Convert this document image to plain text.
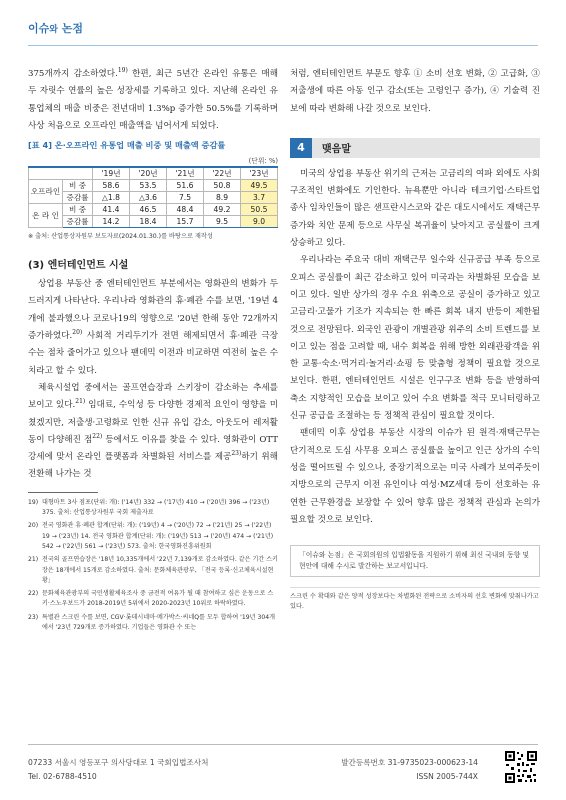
이슈와 논점

375개까지 감소하였다.$^{19)}$ 한편, 최근 5년간 온라인 유통은 매해 두 자릿수 연률의 높은 성장세를 기록하고 있다. 지난해 온라인 유통업체의 매출 비중은 전년대비 1.3%p 증가한 50.5%를 기록하며 사상 처음으로 오프라인 매출액을 넘어서게 되었다.

[표 4] 온·오프라인 유통업 매출 비중 및 매출액 증감률
(단위: %)
		'19년	'20년	'21년	'22년	'23년
오프라인	비 중	58.6	53.5	51.6	50.8	49.5
	증감률	△1.8	△3.6	7.5	8.9	3.7
온 라 인	비 중	41.4	46.5	48.4	49.2	50.5
	증감률	14.2	18.4	15.7	9.5	9.0
※ 출처: 산업통상자원부 보도자료(2024.01.30.)를 바탕으로 재작성
(3) 엔터테인먼트 시설

상업용 부동산 중 엔터테인먼트 부분에서는 영화관의 변화가 두드러지게 나타난다. 우리나라 영화관의 휴·폐관 수를 보면, '19년 4개에 불과했으나 코로나19의 영향으로 '20년 한해 동안 72개까지 증가하였다.$^{20)}$ 사회적 거리두기가 전면 해제되면서 휴·폐관 극장 수는 점차 줄어가고 있으나 팬데믹 이전과 비교하면 여전히 높은 수치라고 할 수 있다.

체육시설업 중에서는 골프연습장과 스키장이 감소하는 추세를 보이고 있다.$^{21)}$ 임대료, 수익성 등 다양한 경제적 요인이 영향을 미쳤겠지만, 저출생·고령화로 인한 신규 유입 감소, 아웃도어 레저활동이 다양해진 점$^{22)}$ 등에서도 이유를 찾을 수 있다. 영화관이 OTT 강세에 맞서 온라인 플랫폼과 차별화된 서비스를 제공$^{23)}$하기 위해 전환해 나가는 것

19) 대형마트 3사 점포(단위: 개): ('14년) 332 → ('17년) 410 → ('20년) 396 → ('23년) 375. 출처: 산업통상자원부 국회 제출자료
20) 전국 영화관 휴·폐관 합계(단위: 개): ('19년) 4 → ('20년) 72 → ('21년) 25 → ('22년) 19 → ('23년) 14. 전국 영화관 합계(단위: 개): ('19년) 513 → ('20년) 474 → ('21년) 542 → ('22년) 561 → ('23년) 573. 출처: 한국영화진흥위원회
21) 전국의 골프연습장은 '18년 10,335개에서 '22년 7,139개로 감소하였다. 같은 기간 스키장은 18개에서 15개로 감소하였다. 출처: 문화체육관광부, 「전국 등록·신고체육시설현황」
22) 문화체육관광부의 국민생활체육조사 중 금전적 여유가 될 때 참여하고 싶은 운동으로 스키·스노우보드가 2018-2019년 5위에서 2020-2023년 10위로 하락하였다.
23) 특별관 스크린 수를 보면, CGV·롯데시네마·메가박스·씨네Q를 모두 합하여 '19년 304개에서 '23년 729개로 증가하였다. 기업들은 영화관 수 또는

처럼, 엔터테인먼트 부문도 향후 ① 소비 선호 변화, ② 고급화, ③ 저출생에 따른 아동 인구 감소(또는 고령인구 증가), ④ 기술력 진보에 따라 변화해 나갈 것으로 보인다.

4	맺음말

미국의 상업용 부동산 위기의 근저는 고금리의 여파 외에도 사회구조적인 변화에도 기인한다. 뉴욕뿐만 아니라 테크기업·스타트업 종사 임차인들이 많은 샌프란시스코와 같은 대도시에서도 재택근무 증가와 치안 문제 등으로 사무실 복귀율이 낮아지고 공실률이 크게 상승하고 있다.

우리나라는 주요국 대비 재택근무 일수와 신규공급 부족 등으로 오피스 공실률이 최근 감소하고 있어 미국과는 차별화된 모습을 보이고 있다. 일반 상가의 경우 수요 위축으로 공실이 증가하고 있고 고금리·고물가 기조가 지속되는 한 빠른 회복 내지 반등이 제한될 것으로 전망된다. 외국인 관광이 개별관광 위주의 소비 트렌드를 보이고 있는 점을 고려할 때, 내수 회복을 위해 방한 외래관광객을 위한 교통·숙소·먹거리·놀거리·쇼핑 등 맞춤형 정책이 필요할 것으로 보인다. 한편, 엔터테인먼트 시설은 인구구조 변화 등을 반영하여 축소 지향적인 모습을 보이고 있어 수요 변화를 적극 모니터링하고 신규 공급을 조절하는 등 정책적 관심이 필요할 것이다.

팬데믹 이후 상업용 부동산 시장의 이슈가 된 원격·재택근무는 단기적으로 도심 사무용 오피스 공실률을 높이고 인근 상가의 수익성을 떨어뜨릴 수 있으나, 중장기적으로는 미국 사례가 보여주듯이 지방으로의 근무지 이전 유인이나 여성·MZ세대 등이 선호하는 유연한 근무환경을 보장할 수 있어 향후 많은 정책적 관심과 논의가 필요할 것으로 보인다.

「이슈와 논점」은 국회의원의 입법활동을 지원하기 위해 최신 국내외 동향 및 현안에 대해 수시로 발간하는 보고서입니다.
스크린 수 확대와 같은 양적 성장보다는 차별화된 전략으로 소비자의 선호 변화에 맞춰나가고 있다.
07233 서울시 영등포구 의사당대로 1 국회입법조사처
Tel. 02-6788-4510
발간등록번호 31-9735023-000623-14
ISSN 2005-744X
